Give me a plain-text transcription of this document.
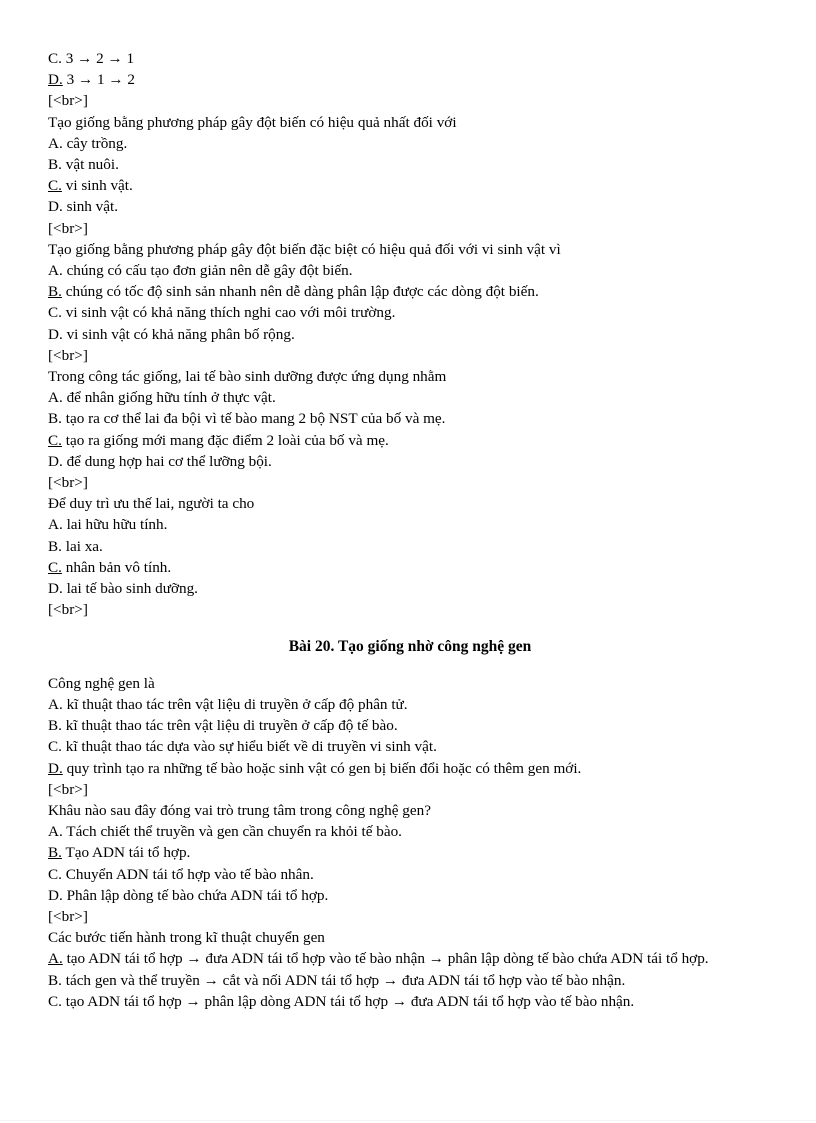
C. 3 → 2 → 1
D. 3 → 1 → 2
[<br>]
Tạo giống bằng phương pháp gây đột biến có hiệu quả nhất đối với
A. cây trồng.
B. vật nuôi.
C. vi sinh vật.
D. sinh vật.
[<br>]
Tạo giống bằng phương pháp gây đột biến đặc biệt có hiệu quả đối với vi sinh vật vì
A. chúng có cấu tạo đơn giản nên dễ gây đột biến.
B. chúng có tốc độ sinh sản nhanh nên dễ dàng phân lập được các dòng đột biến.
C. vi sinh vật có khả năng thích nghi cao với môi trường.
D. vi sinh vật có khả năng phân bố rộng.
[<br>]
Trong công tác giống, lai tế bào sinh dưỡng được ứng dụng nhằm
A. để nhân giống hữu tính ở thực vật.
B. tạo ra cơ thể lai đa bội vì tế bào mang 2 bộ NST của bố và mẹ.
C. tạo ra giống mới mang đặc điểm 2 loài của bố và mẹ.
D. để dung hợp hai cơ thể lưỡng bội.
[<br>]
Để duy trì ưu thế lai, người ta cho
A. lai hữu hữu tính.
B. lai xa.
C. nhân bản vô tính.
D. lai tế bào sinh dưỡng.
[<br>]
Bài 20. Tạo giống nhờ công nghệ gen
Công nghệ gen là
A. kĩ thuật thao tác trên vật liệu di truyền ở cấp độ phân tử.
B. kĩ thuật thao tác trên vật liệu di truyền ở cấp độ tế bào.
C. kĩ thuật thao tác dựa vào sự hiểu biết về di truyền vi sinh vật.
D. quy trình tạo ra những tế bào hoặc sinh vật có gen bị biến đổi hoặc có thêm gen mới.
[<br>]
Khâu nào sau đây đóng vai trò trung tâm trong công nghệ gen?
A. Tách chiết thể truyền và gen cần chuyển ra khỏi tế bào.
B. Tạo ADN tái tổ hợp.
C. Chuyển ADN tái tổ hợp vào tế bào nhân.
D. Phân lập dòng tế bào chứa ADN tái tổ hợp.
[<br>]
Các bước tiến hành trong kĩ thuật chuyển gen
A. tạo ADN tái tổ hợp → đưa ADN tái tổ hợp vào tế bào nhận → phân lập dòng tế bào chứa ADN tái tổ hợp.
B. tách gen và thể truyền → cắt và nối ADN tái tổ hợp → đưa ADN tái tổ hợp vào tế bào nhận.
C. tạo ADN tái tổ hợp → phân lập dòng ADN tái tổ hợp → đưa ADN tái tổ hợp vào tế bào nhận.
